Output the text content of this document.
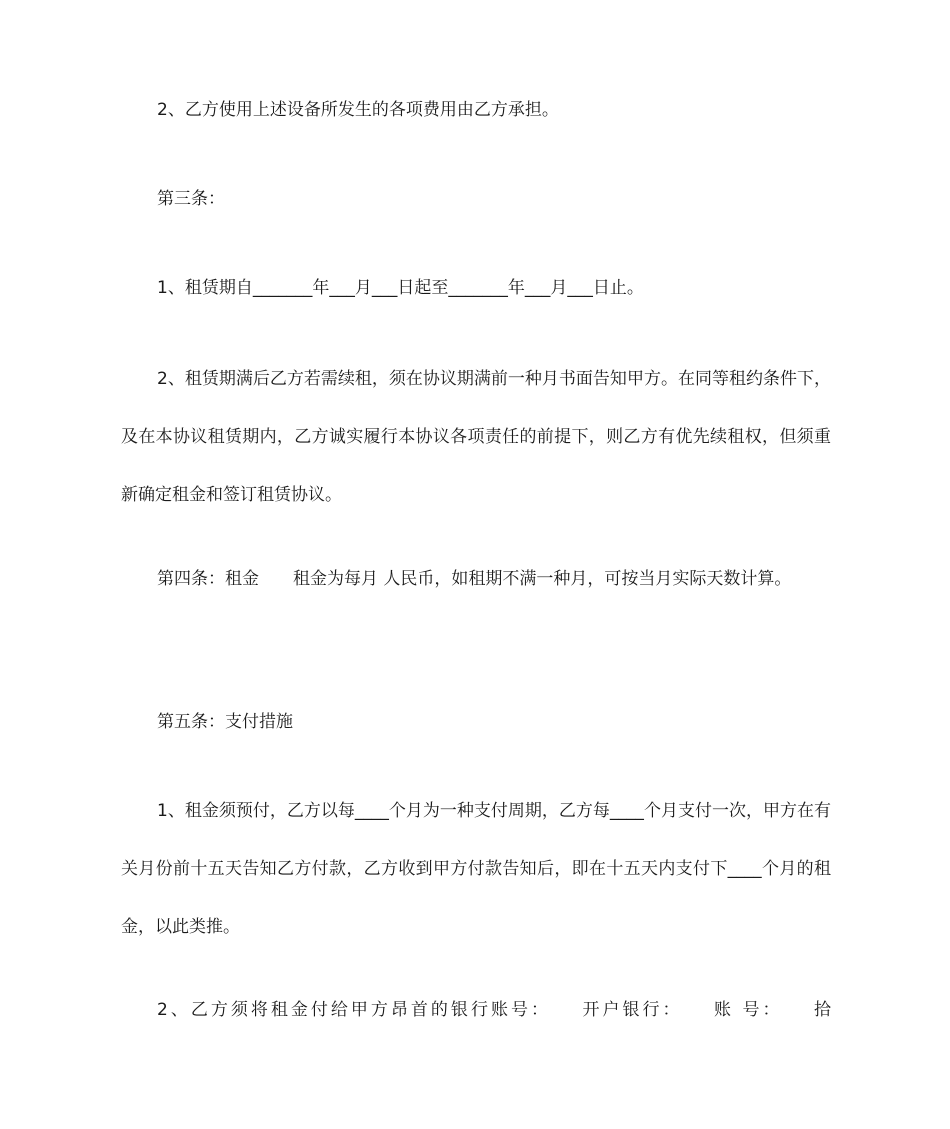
2、乙方使用上述设备所发生的各项费用由乙方承担。
第三条：
1、租赁期自_______年___月___日起至_______年___月___日止。
2、租赁期满后乙方若需续租，须在协议期满前一种月书面告知甲方。在同等租约条件下，及在本协议租赁期内，乙方诚实履行本协议各项责任的前提下，则乙方有优先续租权，但须重新确定租金和签订租赁协议。
第四条：租金　　租金为每月 人民币，如租期不满一种月，可按当月实际天数计算。
第五条：支付措施
1、租金须预付，乙方以每____个月为一种支付周期，乙方每____个月支付一次，甲方在有关月份前十五天告知乙方付款，乙方收到甲方付款告知后，即在十五天内支付下____个月的租金，以此类推。
2、乙方须将租金付给甲方昂首的银行账号：　　开户银行：　　账 号：　　拾
